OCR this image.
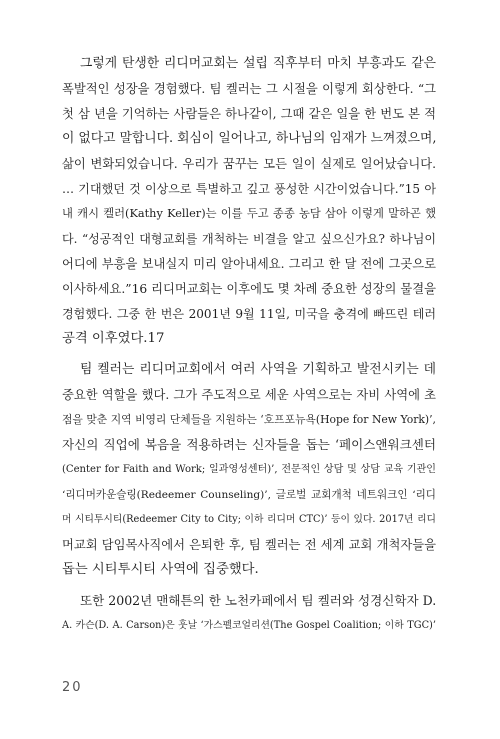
그렇게 탄생한 리디머교회는 설립 직후부터 마치 부흥과도 같은
폭발적인 성장을 경험했다. 팀 켈러는 그 시절을 이렇게 회상한다. “그
첫 삼 년을 기억하는 사람들은 하나같이, 그때 같은 일을 한 번도 본 적
이 없다고 말합니다. 회심이 일어나고, 하나님의 임재가 느껴졌으며,
삶이 변화되었습니다. 우리가 꿈꾸는 모든 일이 실제로 일어났습니다.
… 기대했던 것 이상으로 특별하고 깊고 풍성한 시간이었습니다.”15 아
내 캐시 켈러(Kathy Keller)는 이를 두고 종종 농담 삼아 이렇게 말하곤 했
다. “성공적인 대형교회를 개척하는 비결을 알고 싶으신가요? 하나님이
어디에 부흥을 보내실지 미리 알아내세요. 그리고 한 달 전에 그곳으로
이사하세요.”16 리디머교회는 이후에도 몇 차례 중요한 성장의 물결을
경험했다. 그중 한 번은 2001년 9월 11일, 미국을 충격에 빠뜨린 테러
공격 이후였다.17
팀 켈러는 리디머교회에서 여러 사역을 기획하고 발전시키는 데
중요한 역할을 했다. 그가 주도적으로 세운 사역으로는 자비 사역에 초
점을 맞춘 지역 비영리 단체들을 지원하는 ‘호프포뉴욕(Hope for New York)’,
자신의 직업에 복음을 적용하려는 신자들을 돕는 ‘페이스앤워크센터
(Center for Faith and Work; 일과영성센터)’, 전문적인 상담 및 상담 교육 기관인
‘리디머카운슬링(Redeemer Counseling)’, 글로벌 교회개척 네트워크인 ‘리디
머 시티투시티(Redeemer City to City; 이하 리디머 CTC)’ 등이 있다. 2017년 리디
머교회 담임목사직에서 은퇴한 후, 팀 켈러는 전 세계 교회 개척자들을
돕는 시티투시티 사역에 집중했다.
또한 2002년 맨해튼의 한 노천카페에서 팀 켈러와 성경신학자 D.
A. 카슨(D. A. Carson)은 훗날 ‘가스펠코얼리션(The Gospel Coalition; 이하 TGC)’
20
